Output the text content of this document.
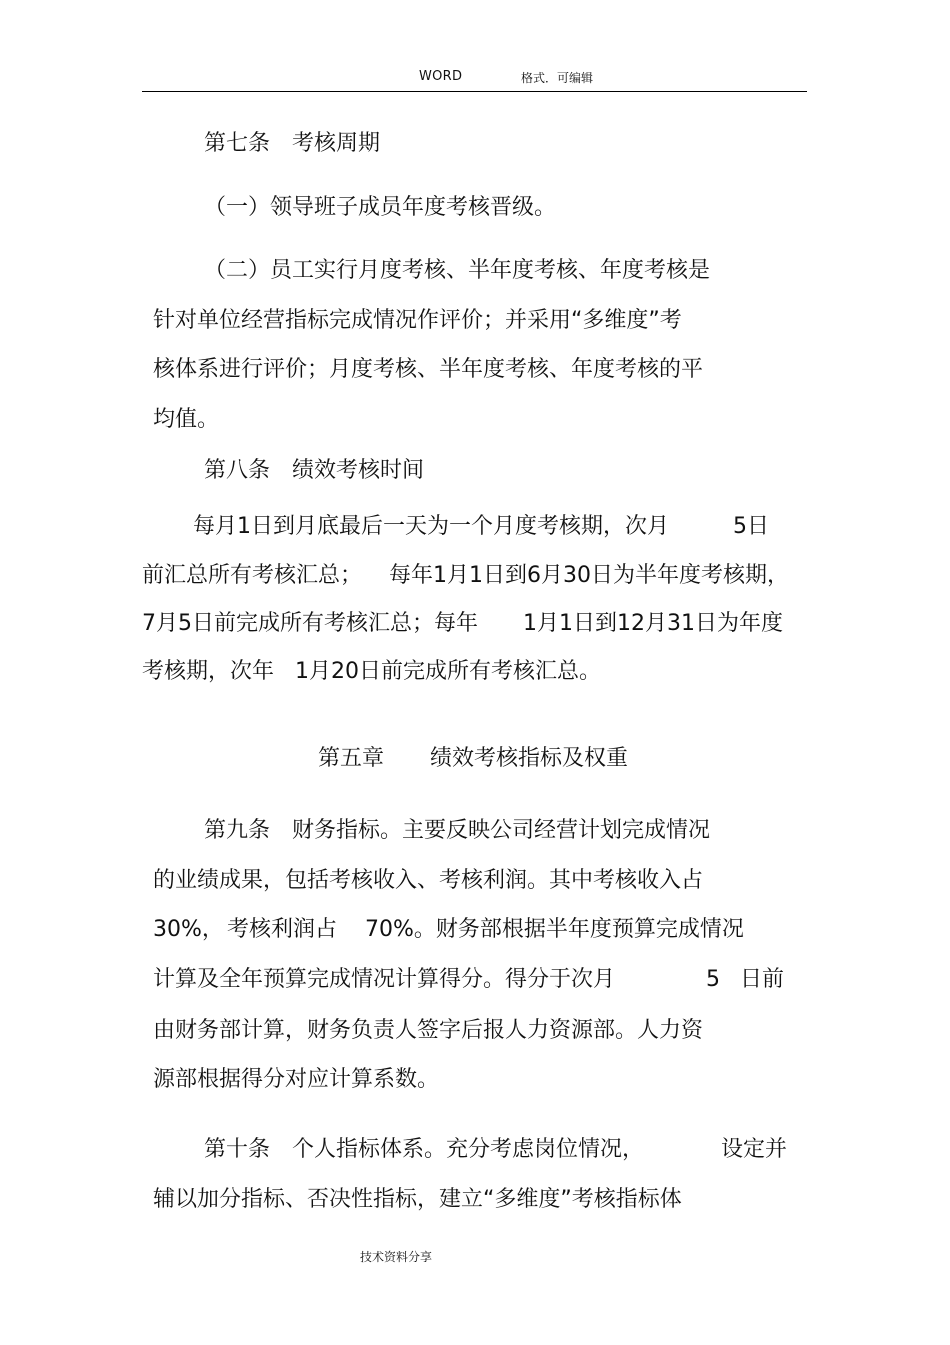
WORD	格式．可编辑
第七条　考核周期
（一）领导班子成员年度考核晋级。
（二）员工实行月度考核、半年度考核、年度考核是
针对单位经营指标完成情况作评价；并采用“多维度”考
核体系进行评价；月度考核、半年度考核、年度考核的平
均值。
第八条　绩效考核时间
每月1日到月底最后一天为一个月度考核期，次月	5日
前汇总所有考核汇总； 每年1月1日到6月30日为半年度考核期，
7月5日前完成所有考核汇总；每年 1月1日到12月31日为年度
考核期，次年 1月20日前完成所有考核汇总。
第五章 绩效考核指标及权重
第九条　财务指标。主要反映公司经营计划完成情况
的业绩成果，包括考核收入、考核利润。其中考核收入占
30%， 考核利润占 70%。财务部根据半年度预算完成情况
计算及全年预算完成情况计算得分。得分于次月	5 日前
由财务部计算，财务负责人签字后报人力资源部。人力资
源部根据得分对应计算系数。
第十条　个人指标体系。充分考虑岗位情况，	设定并
辅以加分指标、否决性指标，建立“多维度”考核指标体
技术资料分享
